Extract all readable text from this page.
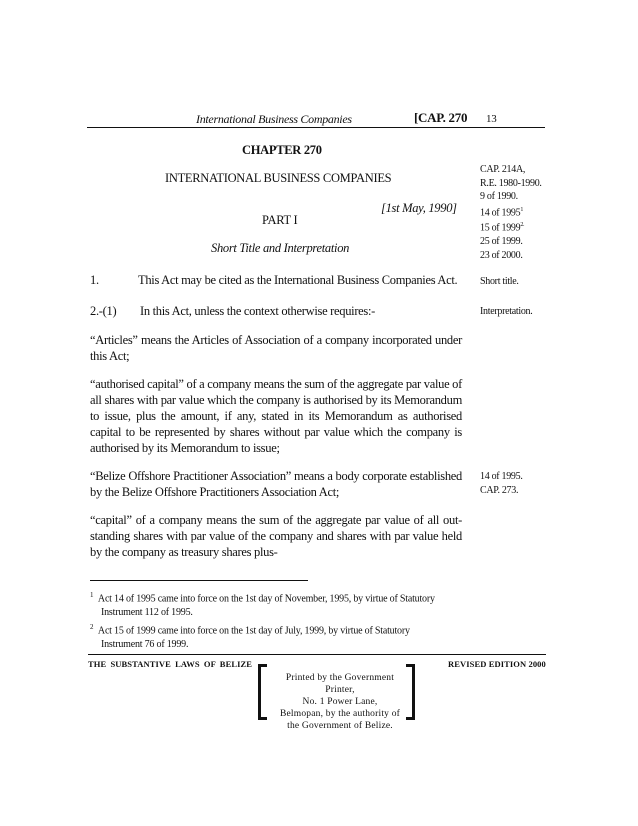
International Business Companies	[CAP. 270 13
CHAPTER 270
INTERNATIONAL BUSINESS COMPANIES
[1st May, 1990]
PART I
Short Title and Interpretation
CAP. 214A,
R.E. 1980-1990.
9 of 1990.
14 of 1995$^1$
15 of $1999^{2.}$
25 of 1999.
23 of 2000.
1.	This Act may be cited as the International Business Companies Act. Short title.
2.-(1) In this Act, unless the context otherwise requires:-	Interpretation.
“Articles” means the Articles of Association of a company incorporated under this Act;
“authorised capital” of a company means the sum of the aggregate par value of all shares with par value which the company is authorised by its Memorandum to issue, plus the amount, if any, stated in its Memorandum as authorised capital to be represented by shares without par value which the company is authorised by its Memorandum to issue;
“Belize Offshore Practitioner Association” means a body corporate established by the Belize Offshore Practitioners Association Act;
14 of 1995.
CAP. 273.
“capital” of a company means the sum of the aggregate par value of all out-standing shares with par value of the company and shares with par value held by the company as treasury shares plus-
$^1$ Act 14 of 1995 came into force on the 1st day of November, 1995, by virtue of Statutory
Instrument 112 of 1995.
$^2$ Act 15 of 1999 came into force on the 1st day of July, 1999, by virtue of Statutory
Instrument 76 of 1999.
THE SUBSTANTIVE LAWS OF BELIZE	REVISED EDITION 2000
Printed by the Government Printer,
No. 1 Power Lane,
Belmopan, by the authority of
the Government of Belize.
